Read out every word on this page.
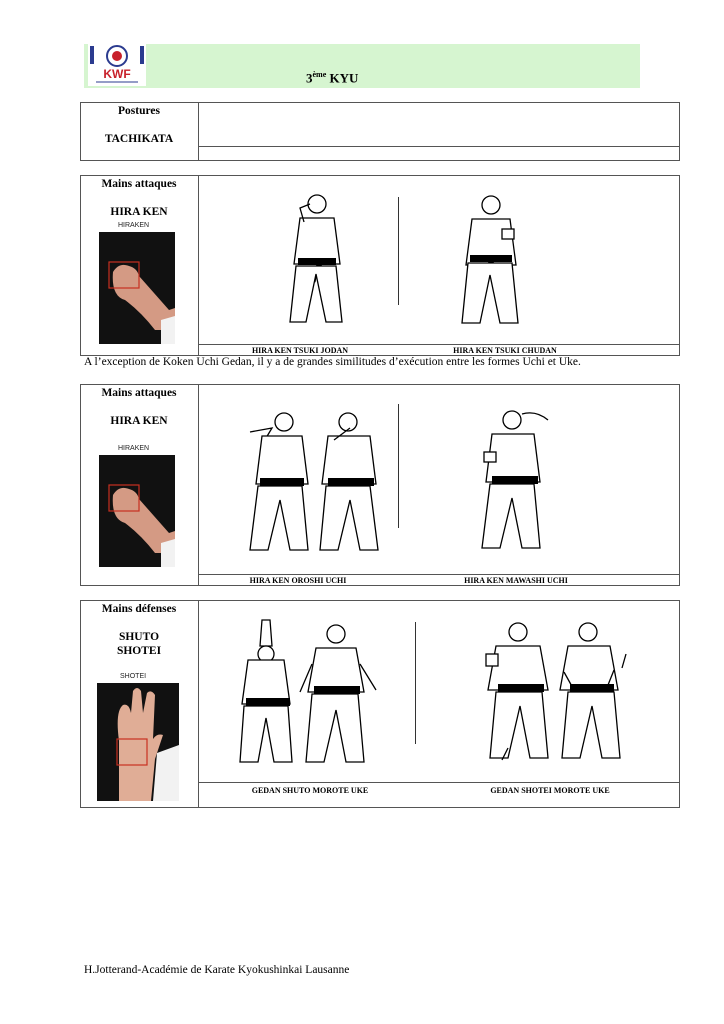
KWF	3ème KYU
Postures
TACHIKATA
Mains attaques
HIRA KEN
HIRAKEN
HIRA KEN TSUKI JODAN	HIRA KEN TSUKI CHUDAN
A l’exception de Koken Uchi Gedan, il y a de grandes similitudes d’exécution entre les formes Uchi et Uke.
Mains attaques
HIRA KEN
HIRAKEN
HIRA KEN OROSHI UCHI	HIRA KEN MAWASHI UCHI
Mains défenses
SHUTO
SHOTEI
SHOTEI
GEDAN SHUTO MOROTE UKE	GEDAN SHOTEI MOROTE UKE
H.Jotterand-Académie de Karate Kyokushinkai Lausanne
